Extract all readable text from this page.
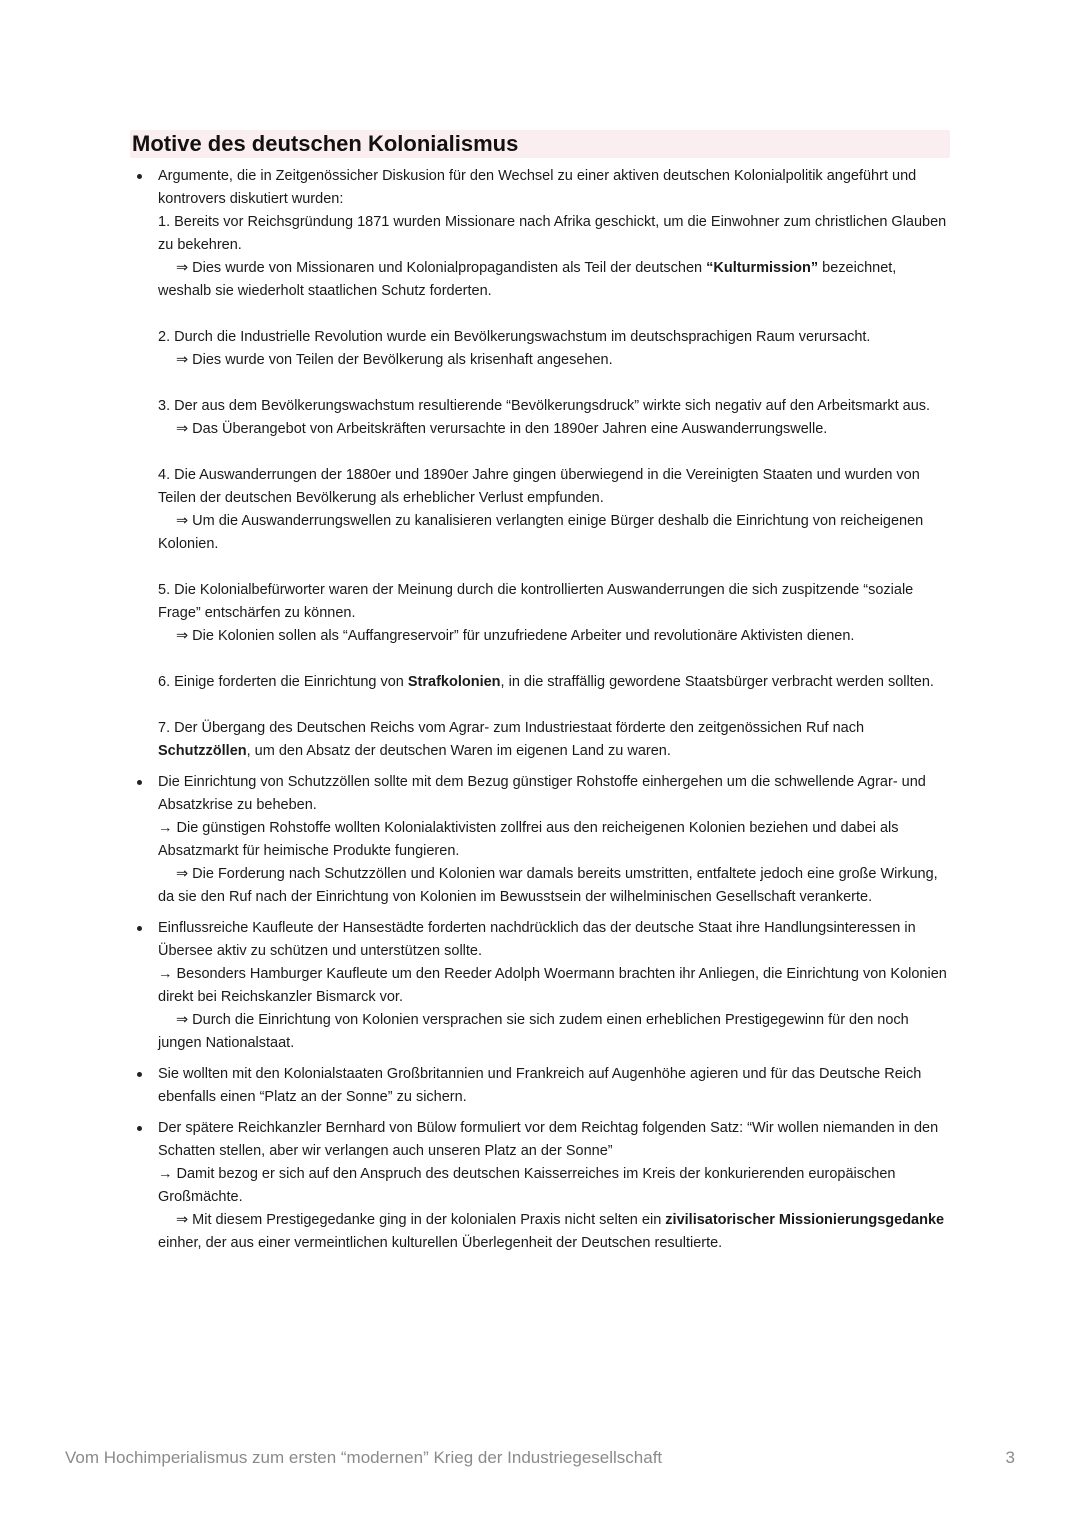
Motive des deutschen Kolonialismus
Argumente, die in Zeitgenössicher Diskusion für den Wechsel zu einer aktiven deutschen Kolonialpolitik angeführt und kontrovers diskutiert wurden:
1. Bereits vor Reichsgründung 1871 wurden Missionare nach Afrika geschickt, um die Einwohner zum christlichen Glauben zu bekehren.
⇒ Dies wurde von Missionaren und Kolonialpropagandisten als Teil der deutschen “Kulturmission” bezeichnet, weshalb sie wiederholt staatlichen Schutz forderten.
2. Durch die Industrielle Revolution wurde ein Bevölkerungswachstum im deutschsprachigen Raum verursacht.
⇒ Dies wurde von Teilen der Bevölkerung als krisenhaft angesehen.
3. Der aus dem Bevölkerungswachstum resultierende “Bevölkerungsdruck” wirkte sich negativ auf den Arbeitsmarkt aus.
⇒ Das Überangebot von Arbeitskräften verursachte in den 1890er Jahren eine Auswanderrungswelle.
4. Die Auswanderrungen der 1880er und 1890er Jahre gingen überwiegend in die Vereinigten Staaten und wurden von Teilen der deutschen Bevölkerung als erheblicher Verlust empfunden.
⇒ Um die Auswanderrungswellen zu kanalisieren verlangten einige Bürger deshalb die Einrichtung von reicheigenen Kolonien.
5. Die Kolonialbefürworter waren der Meinung durch die kontrollierten Auswanderrungen die sich zuspitzende “soziale Frage” entschärfen zu können.
⇒ Die Kolonien sollen als “Auffangreservoir” für unzufriedene Arbeiter und revolutionäre Aktivisten dienen.
6. Einige forderten die Einrichtung von Strafkolonien, in die straffällig gewordene Staatsbürger verbracht werden sollten.
7. Der Übergang des Deutschen Reichs vom Agrar- zum Industriestaat förderte den zeitgenössichen Ruf nach Schutzzöllen, um den Absatz der deutschen Waren im eigenen Land zu waren.
Die Einrichtung von Schutzzöllen sollte mit dem Bezug günstiger Rohstoffe einhergehen um die schwellende Agrar- und Absatzkrise zu beheben.
→ Die günstigen Rohstoffe wollten Kolonialaktivisten zollfrei aus den reicheigenen Kolonien beziehen und dabei als Absatzmarkt für heimische Produkte fungieren.
⇒ Die Forderung nach Schutzzöllen und Kolonien war damals bereits umstritten, entfaltete jedoch eine große Wirkung, da sie den Ruf nach der Einrichtung von Kolonien im Bewusstsein der wilhelminischen Gesellschaft verankerte.
Einflussreiche Kaufleute der Hansestädte forderten nachdrücklich das der deutsche Staat ihre Handlungsinteressen in Übersee aktiv zu schützen und unterstützen sollte.
→ Besonders Hamburger Kaufleute um den Reeder Adolph Woermann brachten ihr Anliegen, die Einrichtung von Kolonien direkt bei Reichskanzler Bismarck vor.
⇒ Durch die Einrichtung von Kolonien versprachen sie sich zudem einen erheblichen Prestigegewinn für den noch jungen Nationalstaat.
Sie wollten mit den Kolonialstaaten Großbritannien und Frankreich auf Augenhöhe agieren und für das Deutsche Reich ebenfalls einen “Platz an der Sonne” zu sichern.
Der spätere Reichkanzler Bernhard von Bülow formuliert vor dem Reichtag folgenden Satz: “Wir wollen niemanden in den Schatten stellen, aber wir verlangen auch unseren Platz an der Sonne”
→ Damit bezog er sich auf den Anspruch des deutschen Kaisserreiches im Kreis der konkurierenden europäischen Großmächte.
⇒ Mit diesem Prestigegedanke ging in der kolonialen Praxis nicht selten ein zivilisatorischer Missionierungsgedanke einher, der aus einer vermeintlichen kulturellen Überlegenheit der Deutschen resultierte.
Vom Hochimperialismus zum ersten “modernen” Krieg der Industriegesellschaft	3
